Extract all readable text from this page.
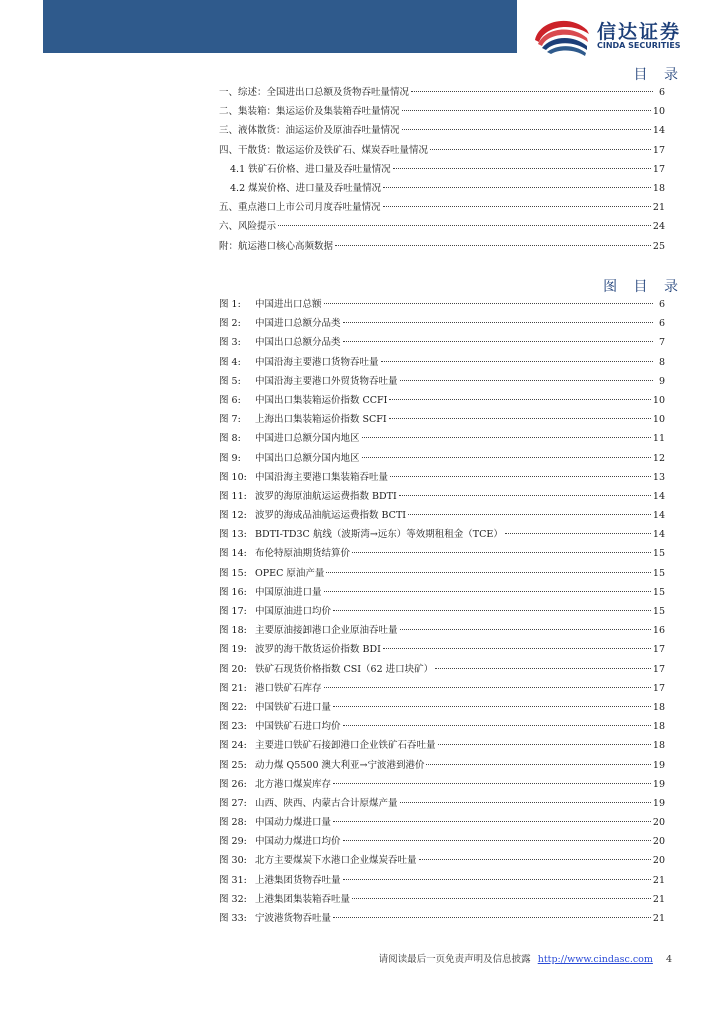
信达证券
CINDA SECURITIES
目 录
一、综述：全国进出口总额及货物吞吐量情况	6
二、集装箱：集运运价及集装箱吞吐量情况	10
三、液体散货：油运运价及原油吞吐量情况	14
四、干散货：散运运价及铁矿石、煤炭吞吐量情况	17
4.1 铁矿石价格、进口量及吞吐量情况	17
4.2 煤炭价格、进口量及吞吐量情况	18
五、重点港口上市公司月度吞吐量情况	21
六、风险提示	24
附：航运港口核心高频数据	25
图 目 录
图 1: 中国进出口总额	6
图 2: 中国进口总额分品类	6
图 3: 中国出口总额分品类	7
图 4: 中国沿海主要港口货物吞吐量	8
图 5: 中国沿海主要港口外贸货物吞吐量	9
图 6: 中国出口集装箱运价指数 CCFI	10
图 7: 上海出口集装箱运价指数 SCFI	10
图 8: 中国进口总额分国内地区	11
图 9: 中国出口总额分国内地区	12
图 10: 中国沿海主要港口集装箱吞吐量	13
图 11: 波罗的海原油航运运费指数 BDTI	14
图 12: 波罗的海成品油航运运费指数 BCTI	14
图 13: BDTI-TD3C 航线（波斯湾→远东）等效期租租金（TCE）	14
图 14: 布伦特原油期货结算价	15
图 15: OPEC 原油产量	15
图 16: 中国原油进口量	15
图 17: 中国原油进口均价	15
图 18: 主要原油接卸港口企业原油吞吐量	16
图 19: 波罗的海干散货运价指数 BDI	17
图 20: 铁矿石现货价格指数 CSI（62 进口块矿）	17
图 21: 港口铁矿石库存	17
图 22: 中国铁矿石进口量	18
图 23: 中国铁矿石进口均价	18
图 24: 主要进口铁矿石接卸港口企业铁矿石吞吐量	18
图 25: 动力煤 Q5500 澳大利亚→宁波港到港价	19
图 26: 北方港口煤炭库存	19
图 27: 山西、陕西、内蒙古合计原煤产量	19
图 28: 中国动力煤进口量	20
图 29: 中国动力煤进口均价	20
图 30: 北方主要煤炭下水港口企业煤炭吞吐量	20
图 31: 上港集团货物吞吐量	21
图 32: 上港集团集装箱吞吐量	21
图 33: 宁波港货物吞吐量	21
请阅读最后一页免责声明及信息披露 http://www.cindasc.com 4
